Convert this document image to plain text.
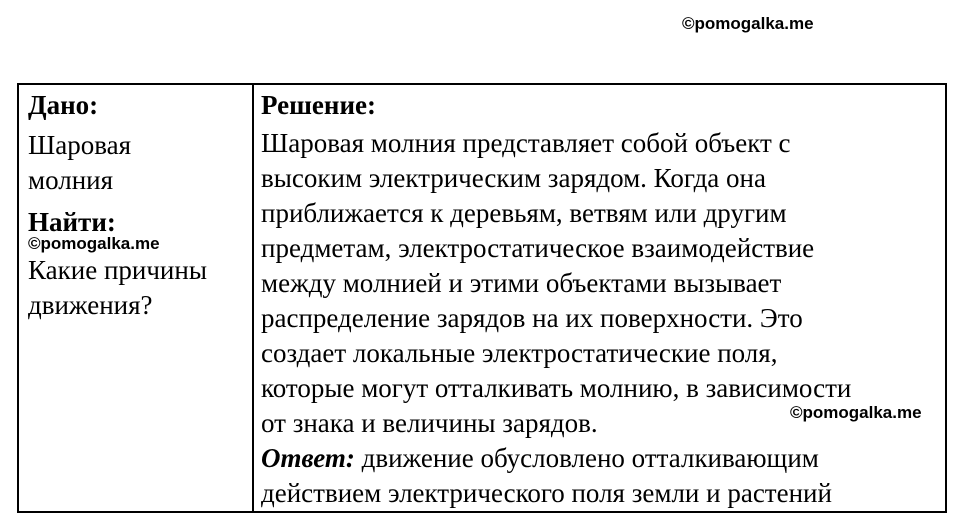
©pomogalka.me

Дано:

Шаровая

молния

Найти:

Какие причины

движения?

Решение:

Шаровая молния представляет собой объект с

высоким электрическим зарядом. Когда она

приближается к деревьям, ветвям или другим

предметам, электростатическое взаимодействие

между молнией и этими объектами вызывает

распределение зарядов на их поверхности. Это

создает локальные электростатические поля,

которые могут отталкивать молнию, в зависимости

от знака и величины зарядов.

Ответ: движение обусловлено отталкивающим

действием электрического поля земли и растений

©pomogalka.me
©pomogalka.me
